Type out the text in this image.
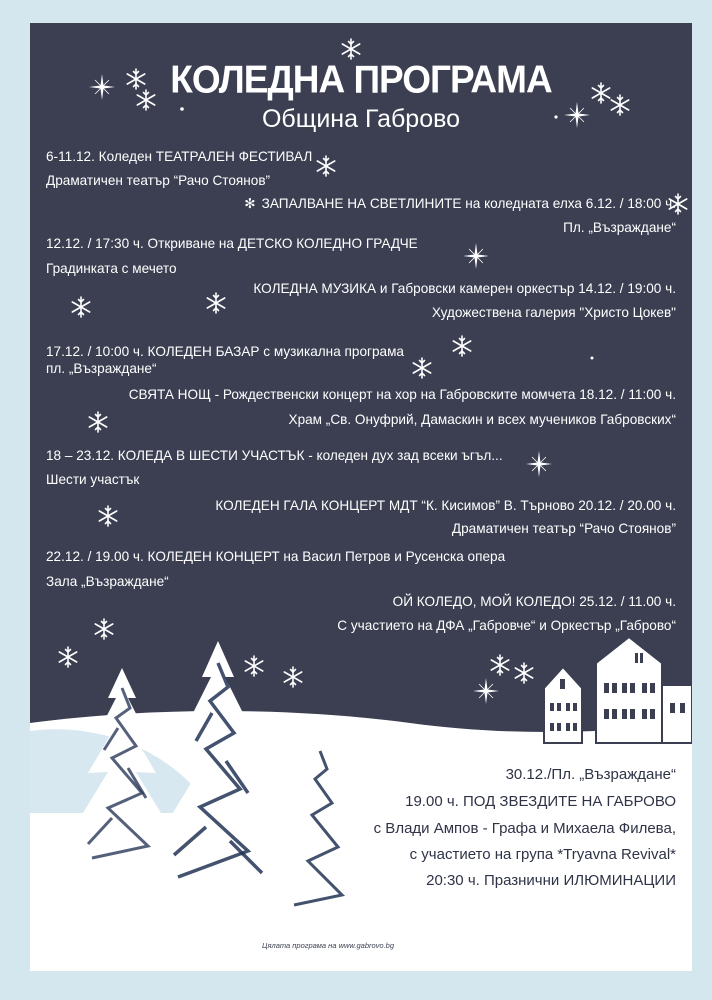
КОЛЕДНА ПРОГРАМА
Община Габрово
6-11.12. Коледен ТЕАТРАЛЕН ФЕСТИВАЛ
Драматичен театър “Рачо Стоянов”
✻ ЗАПАЛВАНЕ НА СВЕТЛИНИТЕ на коледната елха 6.12. / 18:00 ч.
Пл. „Възраждане“
12.12. / 17:30 ч. Откриване на ДЕТСКО КОЛЕДНО ГРАДЧЕ
Градинката с мечето
КОЛЕДНА МУЗИКА и Габровски камерен оркестър 14.12. / 19:00 ч.
Художествена галерия "Христо Цокев"
17.12. / 10:00 ч. КОЛЕДЕН БАЗАР с музикална програма
пл. „Възраждане“
СВЯТА НОЩ - Рождественски концерт на хор на Габровските момчета 18.12. / 11:00 ч.
Храм „Св. Онуфрий, Дамаскин и всех мучеников Габровских“
18 – 23.12. КОЛЕДА В ШЕСТИ УЧАСТЪК - коледен дух зад всеки ъгъл...
Шести участък
КОЛЕДЕН ГАЛА КОНЦЕРТ МДТ “К. Кисимов” В. Търново 20.12. / 20.00 ч.
Драматичен театър “Рачо Стоянов”
22.12. / 19.00 ч. КОЛЕДЕН КОНЦЕРТ на Васил Петров и Русенска опера
Зала „Възраждане“
ОЙ КОЛЕДО, МОЙ КОЛЕДО! 25.12. / 11.00 ч.
С участието на ДФА „Габровче“ и Оркестър „Габрово“
30.12./Пл. „Възраждане“
19.00 ч. ПОД ЗВЕЗДИТЕ НА ГАБРОВО
с Влади Ампов - Графа и Михаела Филева,
с участието на група *Tryavna Revival*
20:30 ч. Празнични ИЛЮМИНАЦИИ
Цялата програма на www.gabrovo.bg
